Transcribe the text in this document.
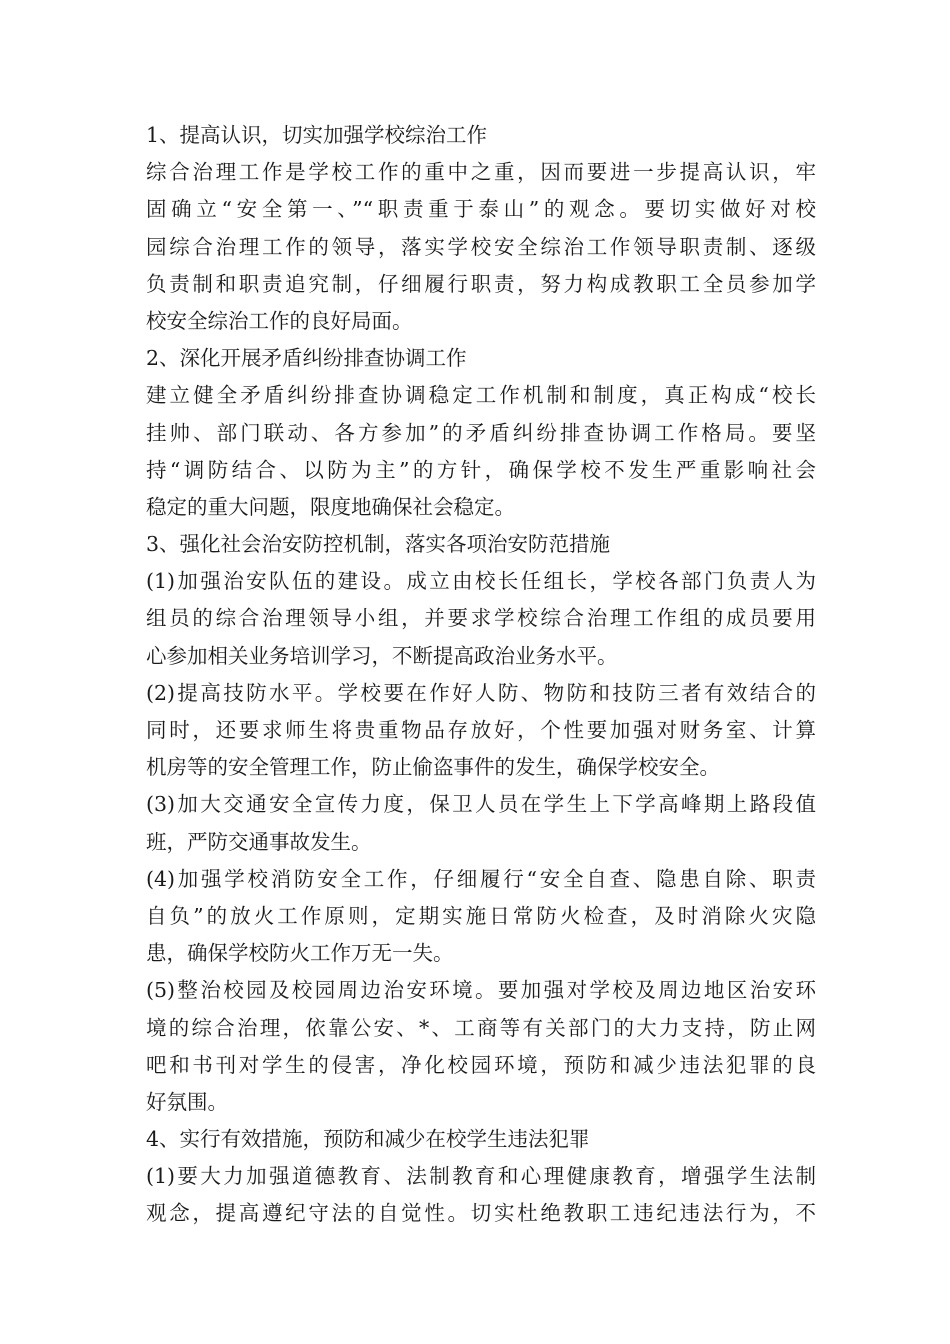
1、提高认识，切实加强学校综治工作
综合治理工作是学校工作的重中之重，因而要进一步提高认识，牢
固确立“安全第一、”“职责重于泰山”的观念。要切实做好对校
园综合治理工作的领导，落实学校安全综治工作领导职责制、逐级
负责制和职责追究制，仔细履行职责，努力构成教职工全员参加学
校安全综治工作的良好局面。
2、深化开展矛盾纠纷排查协调工作
建立健全矛盾纠纷排查协调稳定工作机制和制度，真正构成“校长
挂帅、部门联动、各方参加”的矛盾纠纷排查协调工作格局。要坚
持“调防结合、以防为主”的方针，确保学校不发生严重影响社会
稳定的重大问题，限度地确保社会稳定。
3、强化社会治安防控机制，落实各项治安防范措施
(1)加强治安队伍的建设。成立由校长任组长，学校各部门负责人为
组员的综合治理领导小组，并要求学校综合治理工作组的成员要用
心参加相关业务培训学习，不断提高政治业务水平。
(2)提高技防水平。学校要在作好人防、物防和技防三者有效结合的
同时，还要求师生将贵重物品存放好，个性要加强对财务室、计算
机房等的安全管理工作，防止偷盗事件的发生，确保学校安全。
(3)加大交通安全宣传力度，保卫人员在学生上下学高峰期上路段值
班，严防交通事故发生。
(4)加强学校消防安全工作，仔细履行“安全自查、隐患自除、职责
自负”的放火工作原则，定期实施日常防火检查，及时消除火灾隐
患，确保学校防火工作万无一失。
(5)整治校园及校园周边治安环境。要加强对学校及周边地区治安环
境的综合治理，依靠公安、*、工商等有关部门的大力支持，防止网
吧和书刊对学生的侵害，净化校园环境，预防和减少违法犯罪的良
好氛围。
4、实行有效措施，预防和减少在校学生违法犯罪
(1)要大力加强道德教育、法制教育和心理健康教育，增强学生法制
观念，提高遵纪守法的自觉性。切实杜绝教职工违纪违法行为，不
